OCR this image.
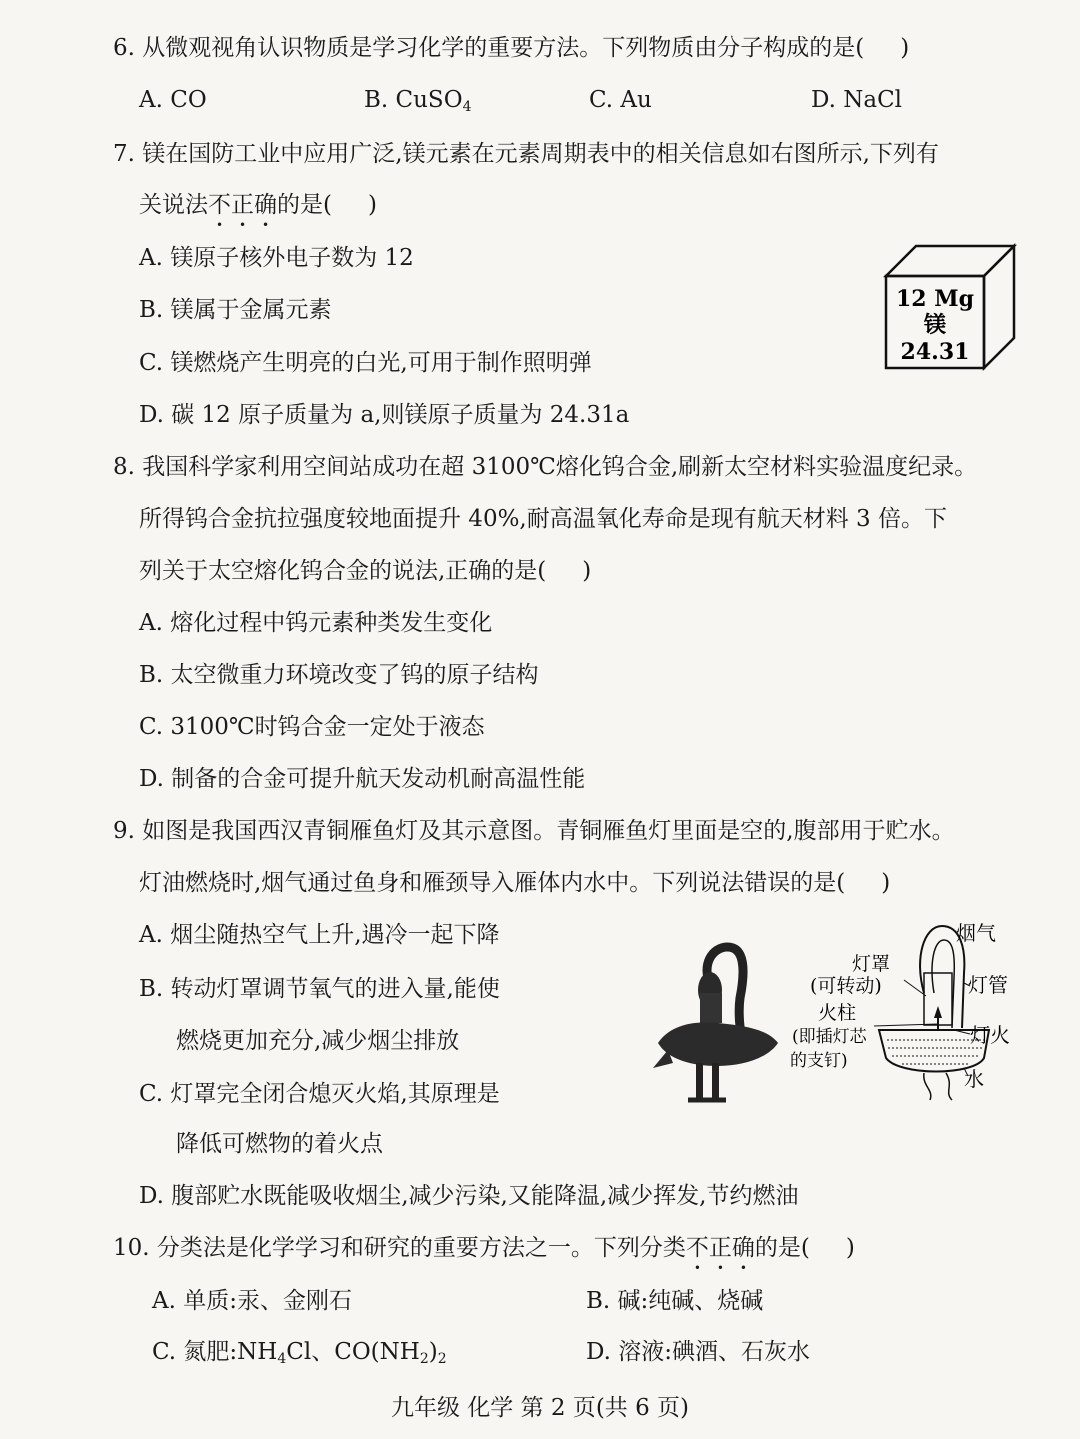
6. 从微观视角认识物质是学习化学的重要方法。下列物质由分子构成的是( )
A. CO	B. CuSO$_4$	C. Au	D. NaCl
7. 镁在国防工业中应用广泛,镁元素在元素周期表中的相关信息如右图所示,下列有
关说法不正确的是( )
A. 镁原子核外电子数为 12
B. 镁属于金属元素
C. 镁燃烧产生明亮的白光,可用于制作照明弹
D. 碳 12 原子质量为 a,则镁原子质量为 24.31a
12 Mg
镁
24.31
8. 我国科学家利用空间站成功在超 3100℃熔化钨合金,刷新太空材料实验温度纪录。
所得钨合金抗拉强度较地面提升 40%,耐高温氧化寿命是现有航天材料 3 倍。下
列关于太空熔化钨合金的说法,正确的是( )
A. 熔化过程中钨元素种类发生变化
B. 太空微重力环境改变了钨的原子结构
C. 3100℃时钨合金一定处于液态
D. 制备的合金可提升航天发动机耐高温性能
9. 如图是我国西汉青铜雁鱼灯及其示意图。青铜雁鱼灯里面是空的,腹部用于贮水。
灯油燃烧时,烟气通过鱼身和雁颈导入雁体内水中。下列说法错误的是( )
A. 烟尘随热空气上升,遇冷一起下降
B. 转动灯罩调节氧气的进入量,能使
燃烧更加充分,减少烟尘排放
C. 灯罩完全闭合熄灭火焰,其原理是
降低可燃物的着火点
D. 腹部贮水既能吸收烟尘,减少污染,又能降温,减少挥发,节约燃油
烟气
灯罩
(可转动)
火柱
(即插灯芯
的支钉)
灯管
灯火
水
10. 分类法是化学学习和研究的重要方法之一。下列分类不正确的是( )
A. 单质:汞、金刚石	B. 碱:纯碱、烧碱
C. 氮肥$:NH_4Cl$、$CO(NH_2)_2$	D. 溶液:碘酒、石灰水
九年级 化学 第 2 页(共 6 页)
